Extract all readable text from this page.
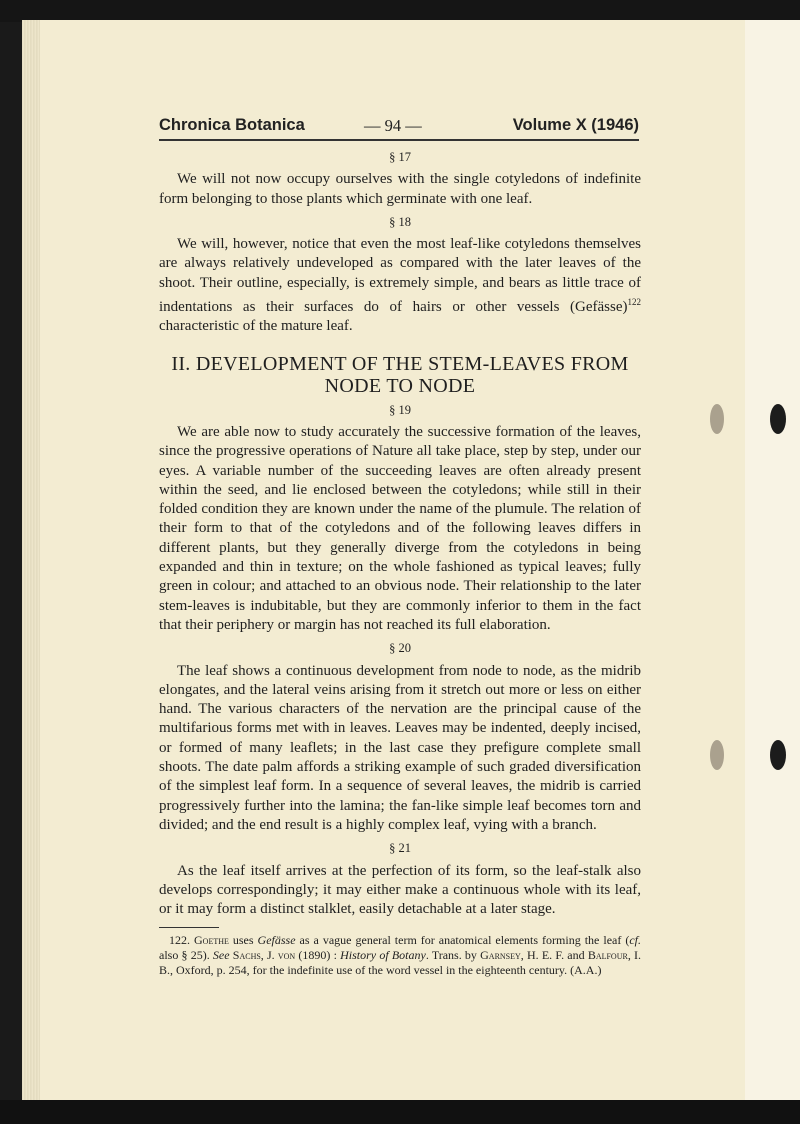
Chronica Botanica	— 94 —	Volume X (1946)
§ 17

We will not now occupy ourselves with the single cotyledons of indefinite form belonging to those plants which germinate with one leaf.

§ 18

We will, however, notice that even the most leaf-like cotyledons themselves are always relatively undeveloped as compared with the later leaves of the shoot. Their outline, especially, is extremely simple, and bears as little trace of indentations as their surfaces do of hairs or other vessels (Gefässe)$^{122}$ characteristic of the mature leaf.

II. DEVELOPMENT OF THE STEM-LEAVES FROM NODE TO NODE
§ 19

We are able now to study accurately the successive formation of the leaves, since the progressive operations of Nature all take place, step by step, under our eyes. A variable number of the succeeding leaves are often already present within the seed, and lie enclosed between the cotyledons; while still in their folded condition they are known under the name of the plumule. The relation of their form to that of the cotyledons and of the following leaves differs in different plants, but they generally diverge from the cotyledons in being expanded and thin in texture; on the whole fashioned as typical leaves; fully green in colour; and attached to an obvious node. Their relationship to the later stem-leaves is indubitable, but they are commonly inferior to them in the fact that their periphery or margin has not reached its full elaboration.

§ 20

The leaf shows a continuous development from node to node, as the midrib elongates, and the lateral veins arising from it stretch out more or less on either hand. The various characters of the nervation are the principal cause of the multifarious forms met with in leaves. Leaves may be indented, deeply incised, or formed of many leaflets; in the last case they prefigure complete small shoots. The date palm affords a striking example of such graded diversification of the simplest leaf form. In a sequence of several leaves, the midrib is carried progressively further into the lamina; the fan-like simple leaf becomes torn and divided; and the end result is a highly complex leaf, vying with a branch.

§ 21

As the leaf itself arrives at the perfection of its form, so the leaf-stalk also develops correspondingly; it may either make a continuous whole with its leaf, or it may form a distinct stalklet, easily detachable at a later stage.

122. Goethe uses Gefässe as a vague general term for anatomical elements forming the leaf (cf. also § 25). See Sachs, J. von (1890) : History of Botany. Trans. by Garnsey, H. E. F. and Balfour, I. B., Oxford, p. 254, for the indefinite use of the word vessel in the eighteenth century. (A.A.)
